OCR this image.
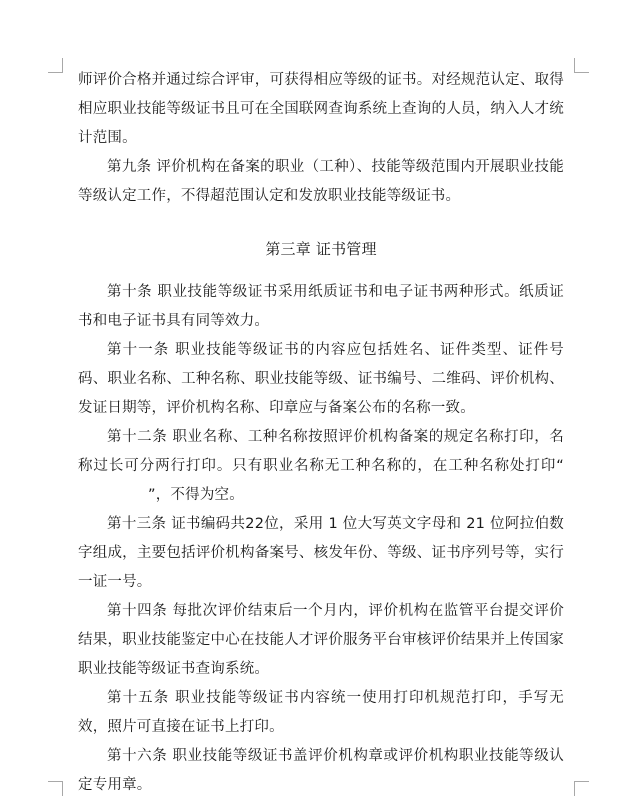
师评价合格并通过综合评审，可获得相应等级的证书。对经规范认定、取得相应职业技能等级证书且可在全国联网查询系统上查询的人员，纳入人才统计范围。

第九条 评价机构在备案的职业（工种）、技能等级范围内开展职业技能等级认定工作，不得超范围认定和发放职业技能等级证书。

第三章 证书管理

第十条 职业技能等级证书采用纸质证书和电子证书两种形式。纸质证书和电子证书具有同等效力。

第十一条 职业技能等级证书的内容应包括姓名、证件类型、证件号码、职业名称、工种名称、职业技能等级、证书编号、二维码、评价机构、发证日期等，评价机构名称、印章应与备案公布的名称一致。

第十二条 职业名称、工种名称按照评价机构备案的规定名称打印，名称过长可分两行打印。只有职业名称无工种名称的，在工种名称处打印“”，不得为空。

第十三条 证书编码共22位，采用 1 位大写英文字母和 21 位阿拉伯数字组成，主要包括评价机构备案号、核发年份、等级、证书序列号等，实行一证一号。

第十四条 每批次评价结束后一个月内，评价机构在监管平台提交评价结果，职业技能鉴定中心在技能人才评价服务平台审核评价结果并上传国家职业技能等级证书查询系统。

第十五条 职业技能等级证书内容统一使用打印机规范打印，手写无效，照片可直接在证书上打印。

第十六条 职业技能等级证书盖评价机构章或评价机构职业技能等级认定专用章。
